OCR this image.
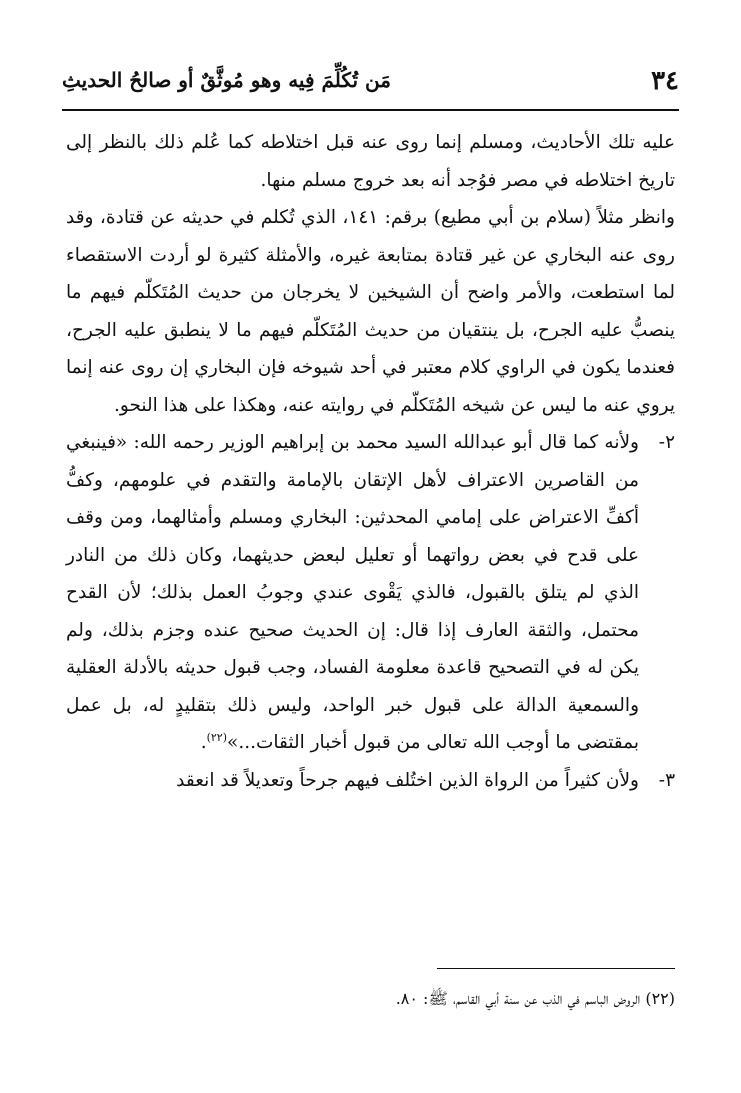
٣٤
مَن تُكُلِّمَ فِيه وهو مُوثَّقٌ أو صالحُ الحديثِ

عليه تلك الأحاديث، ومسلم إنما روى عنه قبل اختلاطه كما عُلم ذلك بالنظر إلى تاريخ اختلاطه في مصر فوُجد أنه بعد خروج مسلم منها.

وانظر مثلاً (سلام بن أبي مطيع) برقم: ١٤١، الذي تُكلم في حديثه عن قتادة، وقد روى عنه البخاري عن غير قتادة بمتابعة غيره، والأمثلة كثيرة لو أردت الاستقصاء لما استطعت، والأمر واضح أن الشيخين لا يخرجان من حديث المُتَكلّم فيهم ما ينصبُّ عليه الجرح، بل ينتقيان من حديث المُتَكلّم فيهم ما لا ينطبق عليه الجرح، فعندما يكون في الراوي كلام معتبر في أحد شيوخه فإن البخاري إن روى عنه إنما يروي عنه ما ليس عن شيخه المُتَكلّم في روايته عنه، وهكذا على هذا النحو.

٢-
ولأنه كما قال أبو عبدالله السيد محمد بن إبراهيم الوزير رحمه الله: «فينبغي من القاصرين الاعتراف لأهل الإتقان بالإمامة والتقدم في علومهم، وكفُّ أكفِّ الاعتراض على إمامي المحدثين: البخاري ومسلم وأمثالهما، ومن وقف على قدح في بعض رواتهما أو تعليل لبعض حديثهما، وكان ذلك من النادر الذي لم يتلق بالقبول، فالذي يَقْوى عندي وجوبُ العمل بذلك؛ لأن القدح محتمل، والثقة العارف إذا قال: إن الحديث صحيح عنده وجزم بذلك، ولم يكن له في التصحيح قاعدة معلومة الفساد، وجب قبول حديثه بالأدلة العقلية والسمعية الدالة على قبول خبر الواحد، وليس ذلك بتقليدٍ له، بل عمل بمقتضى ما أوجب الله تعالى من قبول أخبار الثقات...»$^{(٢٢)}$.
٣-
ولأن كثيراً من الرواة الذين اختُلف فيهم جرحاً وتعديلاً قد انعقد
(٢٢) الروض الباسم في الذب عن سنة أبي القاسم، ﷺ: ٨٠.
